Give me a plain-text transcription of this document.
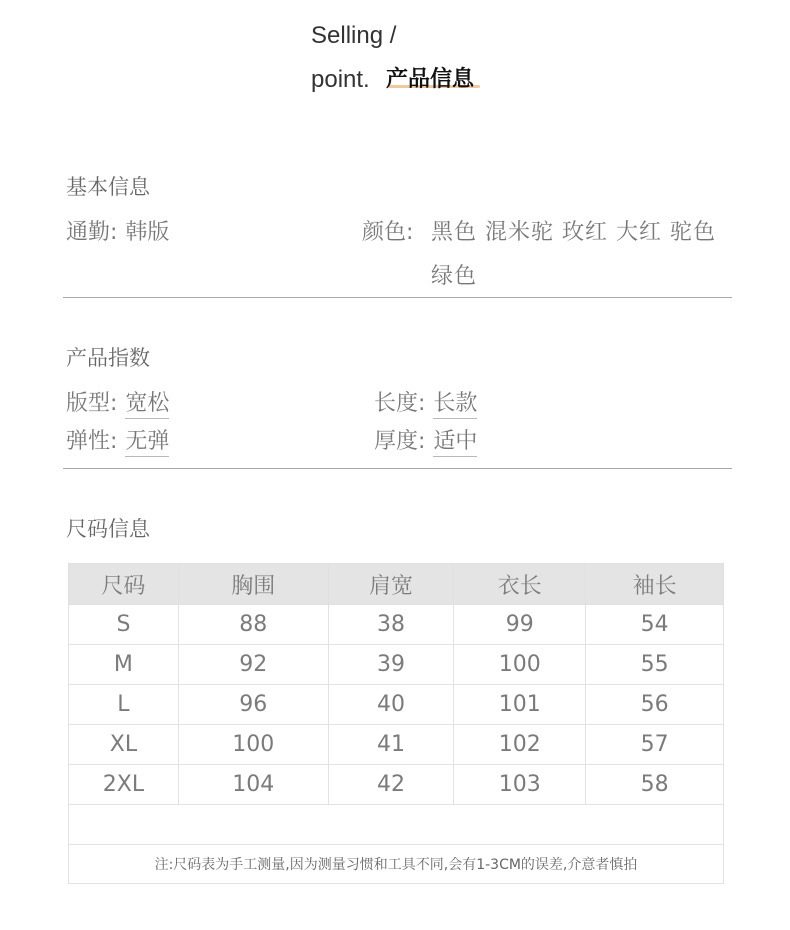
Selling /
point. 产品信息
基本信息
通勤: 韩版	颜色: 黑色 混米驼 玫红 大红 驼色
绿色
产品指数
版型: 宽松	长度: 长款
弹性: 无弹	厚度: 适中
尺码信息
尺码	胸围	肩宽	衣长	袖长
S	88	38	99	54
M	92	39	100	55
L	96	40	101	56
XL	100	41	102	57
2XL	104	42	103	58

注:尺码表为手工测量,因为测量习惯和工具不同,会有1-3CM的误差,介意者慎拍				
